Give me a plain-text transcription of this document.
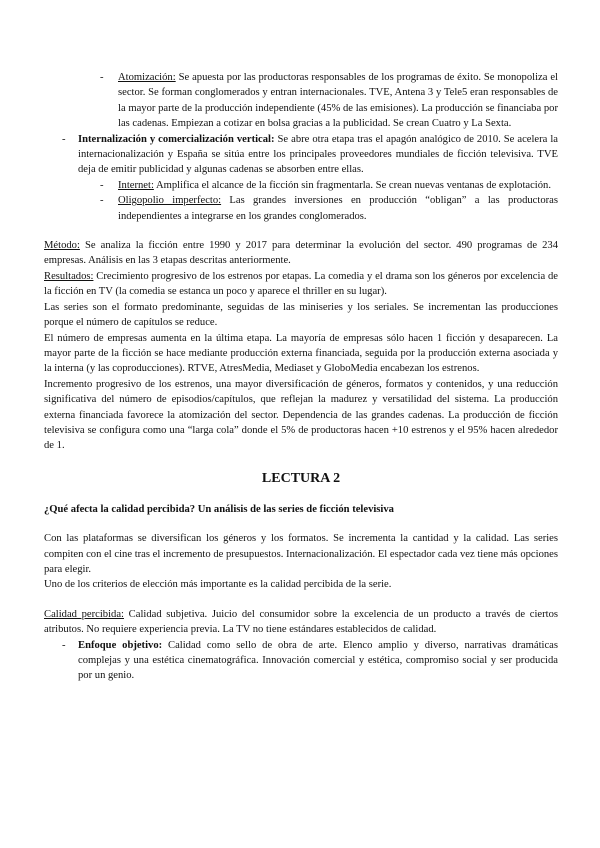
- Atomización: Se apuesta por las productoras responsables de los programas de éxito. Se monopoliza el sector. Se forman conglomerados y entran internacionales. TVE, Antena 3 y Tele5 eran responsables de la mayor parte de la producción independiente (45% de las emisiones). La producción se financiaba por las cadenas. Empiezan a cotizar en bolsa gracias a la publicidad. Se crean Cuatro y La Sexta.

- Internalización y comercialización vertical: Se abre otra etapa tras el apagón analógico de 2010. Se acelera la internacionalización y España se sitúa entre los principales proveedores mundiales de ficción televisiva. TVE deja de emitir publicidad y algunas cadenas se absorben entre ellas.

- Internet: Amplifica el alcance de la ficción sin fragmentarla. Se crean nuevas ventanas de explotación.

- Oligopolio imperfecto: Las grandes inversiones en producción “obligan” a las productoras independientes a integrarse en los grandes conglomerados.

Método: Se analiza la ficción entre 1990 y 2017 para determinar la evolución del sector. 490 programas de 234 empresas. Análisis en las 3 etapas descritas anteriormente.

Resultados: Crecimiento progresivo de los estrenos por etapas. La comedia y el drama son los géneros por excelencia de la ficción en TV (la comedia se estanca un poco y aparece el thriller en su lugar).

Las series son el formato predominante, seguidas de las miniseries y los seriales. Se incrementan las producciones porque el número de capítulos se reduce.

El número de empresas aumenta en la última etapa. La mayoría de empresas sólo hacen 1 ficción y desaparecen. La mayor parte de la ficción se hace mediante producción externa financiada, seguida por la producción externa asociada y la interna (y las coproducciones). RTVE, AtresMedia, Mediaset y GloboMedia encabezan los estrenos.

Incremento progresivo de los estrenos, una mayor diversificación de géneros, formatos y contenidos, y una reducción significativa del número de episodios/capítulos, que reflejan la madurez y versatilidad del sistema. La producción externa financiada favorece la atomización del sector. Dependencia de las grandes cadenas. La producción de ficción televisiva se configura como una “larga cola” donde el 5% de productoras hacen +10 estrenos y el 95% hacen alrededor de 1.

LECTURA 2

¿Qué afecta la calidad percibida? Un análisis de las series de ficción televisiva

Con las plataformas se diversifican los géneros y los formatos. Se incrementa la cantidad y la calidad. Las series compiten con el cine tras el incremento de presupuestos. Internacionalización. El espectador cada vez tiene más opciones para elegir.

Uno de los criterios de elección más importante es la calidad percibida de la serie.

Calidad percibida: Calidad subjetiva. Juicio del consumidor sobre la excelencia de un producto a través de ciertos atributos. No requiere experiencia previa. La TV no tiene estándares establecidos de calidad.

- Enfoque objetivo: Calidad como sello de obra de arte. Elenco amplio y diverso, narrativas dramáticas complejas y una estética cinematográfica. Innovación comercial y estética, compromiso social y ser producida por un genio.
